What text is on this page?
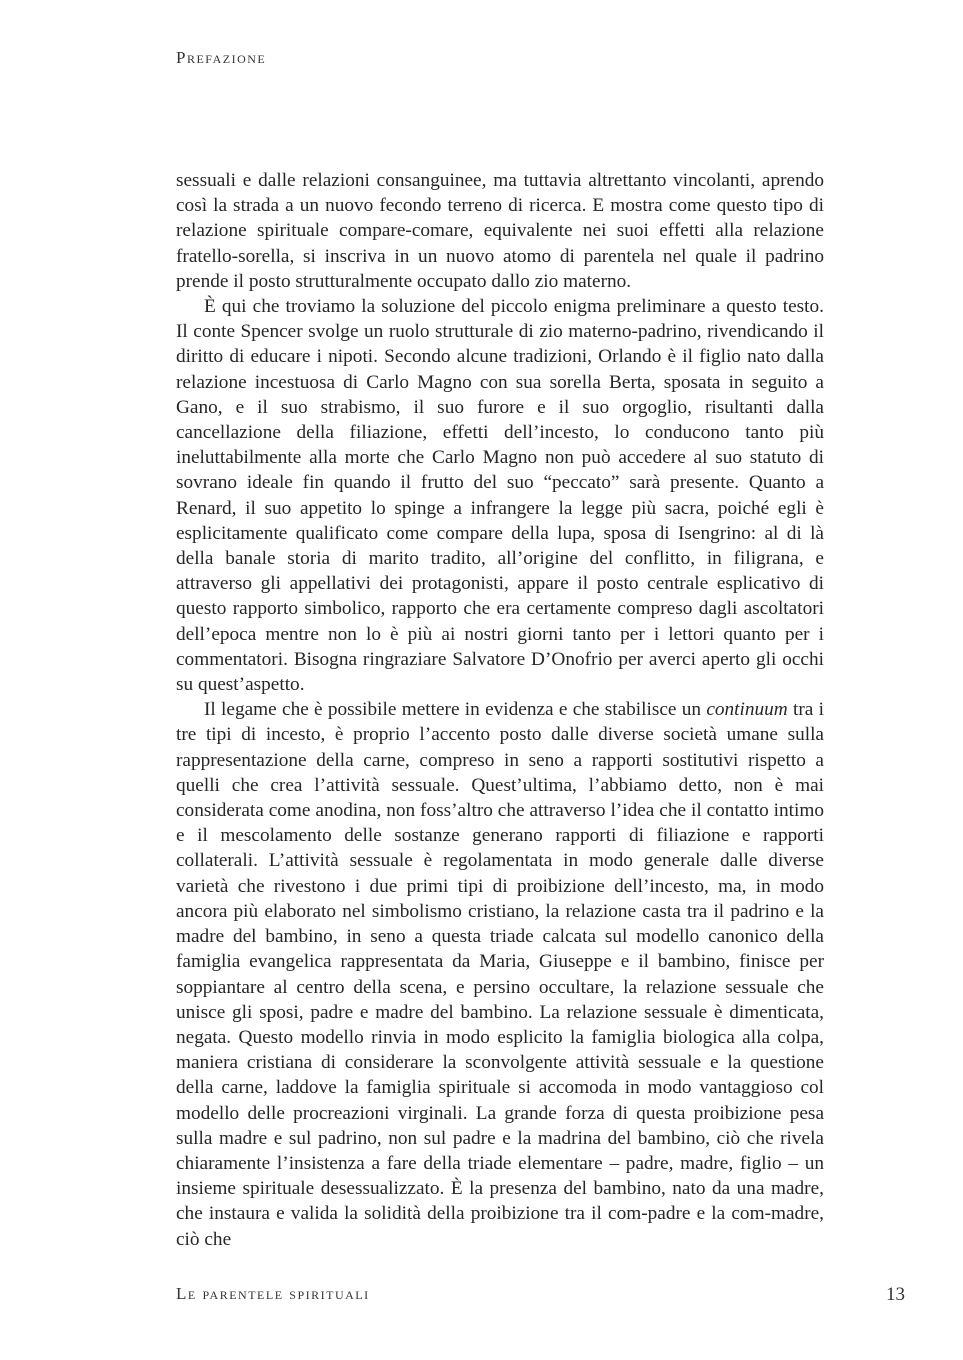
Prefazione

sessuali e dalle relazioni consanguinee, ma tuttavia altrettanto vincolanti, aprendo così la strada a un nuovo fecondo terreno di ricerca. E mostra come questo tipo di relazione spirituale compare-comare, equivalente nei suoi effetti alla relazione fratello-sorella, si inscriva in un nuovo atomo di parentela nel quale il padrino prende il posto strutturalmente occupato dallo zio materno.

È qui che troviamo la soluzione del piccolo enigma preliminare a questo testo. Il conte Spencer svolge un ruolo strutturale di zio materno-padrino, rivendicando il diritto di educare i nipoti. Secondo alcune tradizioni, Orlando è il figlio nato dalla relazione incestuosa di Carlo Magno con sua sorella Berta, sposata in seguito a Gano, e il suo strabismo, il suo furore e il suo orgoglio, risultanti dalla cancellazione della filiazione, effetti dell’incesto, lo conducono tanto più ineluttabilmente alla morte che Carlo Magno non può accedere al suo statuto di sovrano ideale fin quando il frutto del suo “peccato” sarà presente. Quanto a Renard, il suo appetito lo spinge a infrangere la legge più sacra, poiché egli è esplicitamente qualificato come compare della lupa, sposa di Isengrino: al di là della banale storia di marito tradito, all’origine del conflitto, in filigrana, e attraverso gli appellativi dei protagonisti, appare il posto centrale esplicativo di questo rapporto simbolico, rapporto che era certamente compreso dagli ascoltatori dell’epoca mentre non lo è più ai nostri giorni tanto per i lettori quanto per i commentatori. Bisogna ringraziare Salvatore D’Onofrio per averci aperto gli occhi su quest’aspetto.

Il legame che è possibile mettere in evidenza e che stabilisce un continuum tra i tre tipi di incesto, è proprio l’accento posto dalle diverse società umane sulla rappresentazione della carne, compreso in seno a rapporti sostitutivi rispetto a quelli che crea l’attività sessuale. Quest’ultima, l’abbiamo detto, non è mai considerata come anodina, non foss’altro che attraverso l’idea che il contatto intimo e il mescolamento delle sostanze generano rapporti di filiazione e rapporti collaterali. L’attività sessuale è regolamentata in modo generale dalle diverse varietà che rivestono i due primi tipi di proibizione dell’incesto, ma, in modo ancora più elaborato nel simbolismo cristiano, la relazione casta tra il padrino e la madre del bambino, in seno a questa triade calcata sul modello canonico della famiglia evangelica rappresentata da Maria, Giuseppe e il bambino, finisce per soppiantare al centro della scena, e persino occultare, la relazione sessuale che unisce gli sposi, padre e madre del bambino. La relazione sessuale è dimenticata, negata. Questo modello rinvia in modo esplicito la famiglia biologica alla colpa, maniera cristiana di considerare la sconvolgente attività sessuale e la questione della carne, laddove la famiglia spirituale si accomoda in modo vantaggioso col modello delle procreazioni virginali. La grande forza di questa proibizione pesa sulla madre e sul padrino, non sul padre e la madrina del bambino, ciò che rivela chiaramente l’insistenza a fare della triade elementare – padre, madre, figlio – un insieme spirituale desessualizzato. È la presenza del bambino, nato da una madre, che instaura e valida la solidità della proibizione tra il com-padre e la com-madre, ciò che

Le parentele spirituali	13
